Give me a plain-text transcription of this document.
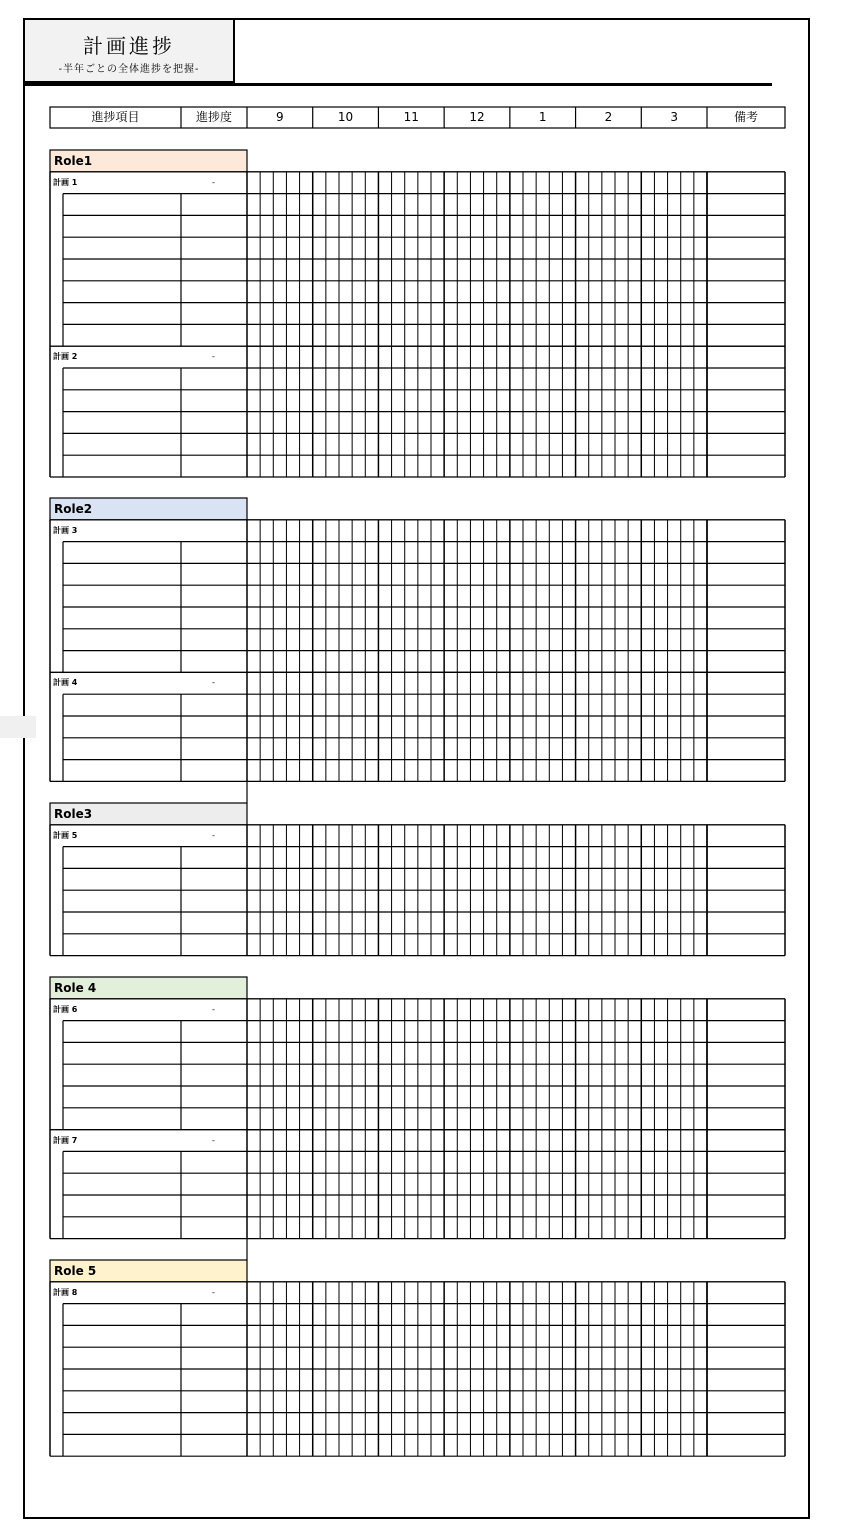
計画進捗
-半年ごとの全体進捗を把握-
進捗項目	進捗度	9	10	11	12	1	2	3	備考
Role1
計画 1	-
計画 2	-
Role2
計画 3
計画 4	-
Role3
計画 5	-
Role 4
計画 6	-
計画 7	-
Role 5
計画 8	-
